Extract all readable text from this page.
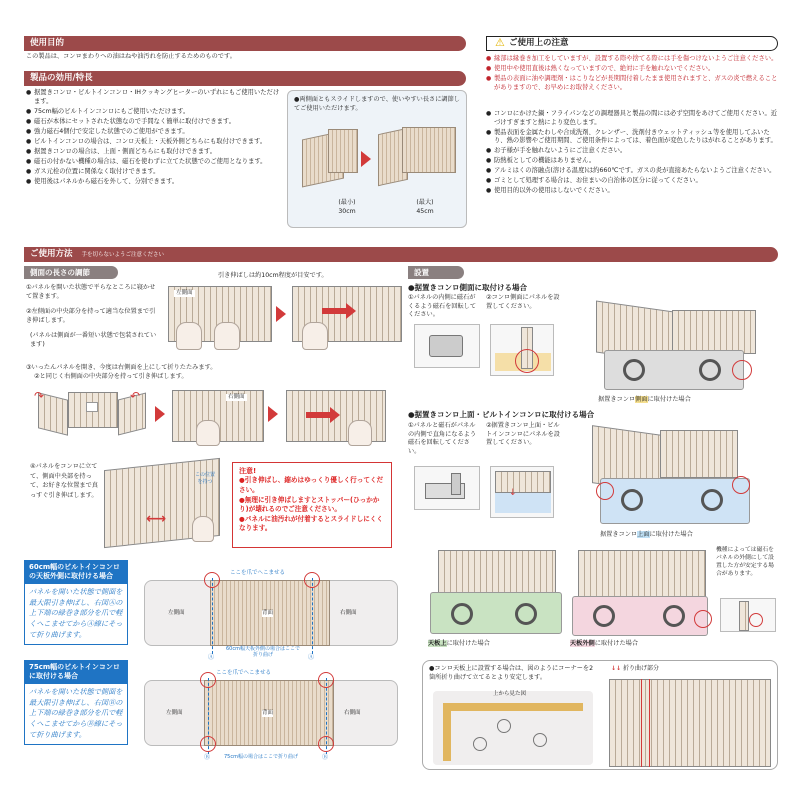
使用目的
この製品は、コンロまわりへの油はねや油汚れを防止するためのものです。
製品の効用/特長
● 据置きコンロ・ビルトインコンロ・IHクッキングヒーターのいずれにもご使用いただけます。
● 75cm幅のビルトインコンロにもご使用いただけます。
● 磁石が本体にセットされた状態なので手間なく簡単に取付けできます。
● 強力磁石4個付で安定した状態でのご使用ができます。
● ビルトインコンロの場合は、コンロ天板上・天板外側どちらにも取付けできます。
● 据置きコンロの場合は、上面・側面どちらにも取付けできます。
● 磁石の付かない機種の場合は、磁石を使わずに立てた状態でのご使用となります。
● ガス元栓の位置に関係なく取付けできます。
● 使用後はパネルから磁石を外して、分別できます。
●両側面ともスライドしますので、使いやすい長さに調節してご使用いただけます。
(最小)
30cm
(最大)
45cm
⚠ ご使用上の注意
● 縁部は縁巻き加工をしていますが、設置する際や捨てる際には手を傷つけないようご注意ください。
● 使用中や使用直後は熱くなっていますので、絶対に手を触れないでください。
● 製品の表面に油や調理剤・はこりなどが長期間付着したまま使用されますと、ガスの炎で燃えることがありますので、お早めにお取替えください。
● コンロにかけた鍋・フライパンなどの調理器具と製品の間には必ず空間をあけてご使用ください。近づけすぎますと熱により変色します。
● 製品表面を金属たわしや合成洗剤、クレンザー、洗剤付きウェットティッシュ等を使用してふいたり、熱の影響やご使用期間、ご使用条件によっては、着色面が変色したりはがれることがあります。
● お子様が手を触れないようにご注意ください。
● 防熱板としての機能はありません。
● アルミはくの溶融点(溶ける温度)は約660℃です。ガスの炎が直接あたらないようご注意ください。
● ゴミとして処理する場合は、お住まいの自治体の区分に従ってください。
● 使用目的以外の使用はしないでください。
ご使用方法 手を切らないようご注意ください
側面の長さの調節	引き伸ばしは約10cm程度が目安です。
①パネルを開いた状態で平らなところに寝かせて置きます。
②左側面の中央部分を持って適当な位置まで引き伸ばします。
(パネルは側面が一番短い状態で包装されています)
左側面
③いったんパネルを開き、今度は右側面を上にして折りたたみます。
②と同じく右側面の中央部分を持って引き伸ばします。
↷	↶	右側面
④パネルをコンロに立てて、側面中央部を持って、お好きな位置まで真っすぐ引き伸ばします。
⟷
この位置を持つ
注意!
●引き伸ばし、縮めはゆっくり優しく行ってください。
●無理に引き伸ばしますとストッパー(ひっかかり)が壊れるのでご注意ください。
●パネルに油汚れが付着するとスライドしにくくなります。
60cm幅のビルトインコンロの天板外側に取付ける場合
パネルを開いた状態で側面を最大限引き伸ばし、右図Ⓐの上下端の緑巻き部分を爪で軽くへこませてからⒶ線にそって折り曲げます。
ここを爪でへこませる
左側面	背面	右側面
Ⓐ	Ⓐ
60cm幅天板外側の場合はここで折り曲げ
75cm幅のビルトインコンロに取付ける場合
パネルを開いた状態で側面を最大限引き伸ばし、右図Ⓑの上下端の緑巻き部分を爪で軽くへこませてからⒷ線にそって折り曲げます。
ここを爪でへこませる
左側面	背面	右側面
Ⓑ	75cm幅の場合はここで折り曲げ	Ⓑ
設置
●据置きコンロ側面に取付ける場合
①パネルの内側に磁石がくるよう磁石を回転してください。
②コンロ側面にパネルを設置してください。
据置きコンロ側面に取付けた場合
●据置きコンロ上面・ビルトインコンロに取付ける場合
①パネルと磁石がパネルの内側で直角になるよう磁石を回転してください。
②据置きコンロ上面・ビルトインコンロにパネルを設置してください。
↓
据置きコンロ上面に取付けた場合
天板上に取付けた場合	天板外側に取付けた場合
機種によっては磁石をパネルの外側にして設置した方が安定する場合があります。
●コンロ天板上に設置する場合は、図のようにコーナーを2箇所折り曲げて立てるとより安定します。
上から見た図
↓↓ 折り曲げ部分
